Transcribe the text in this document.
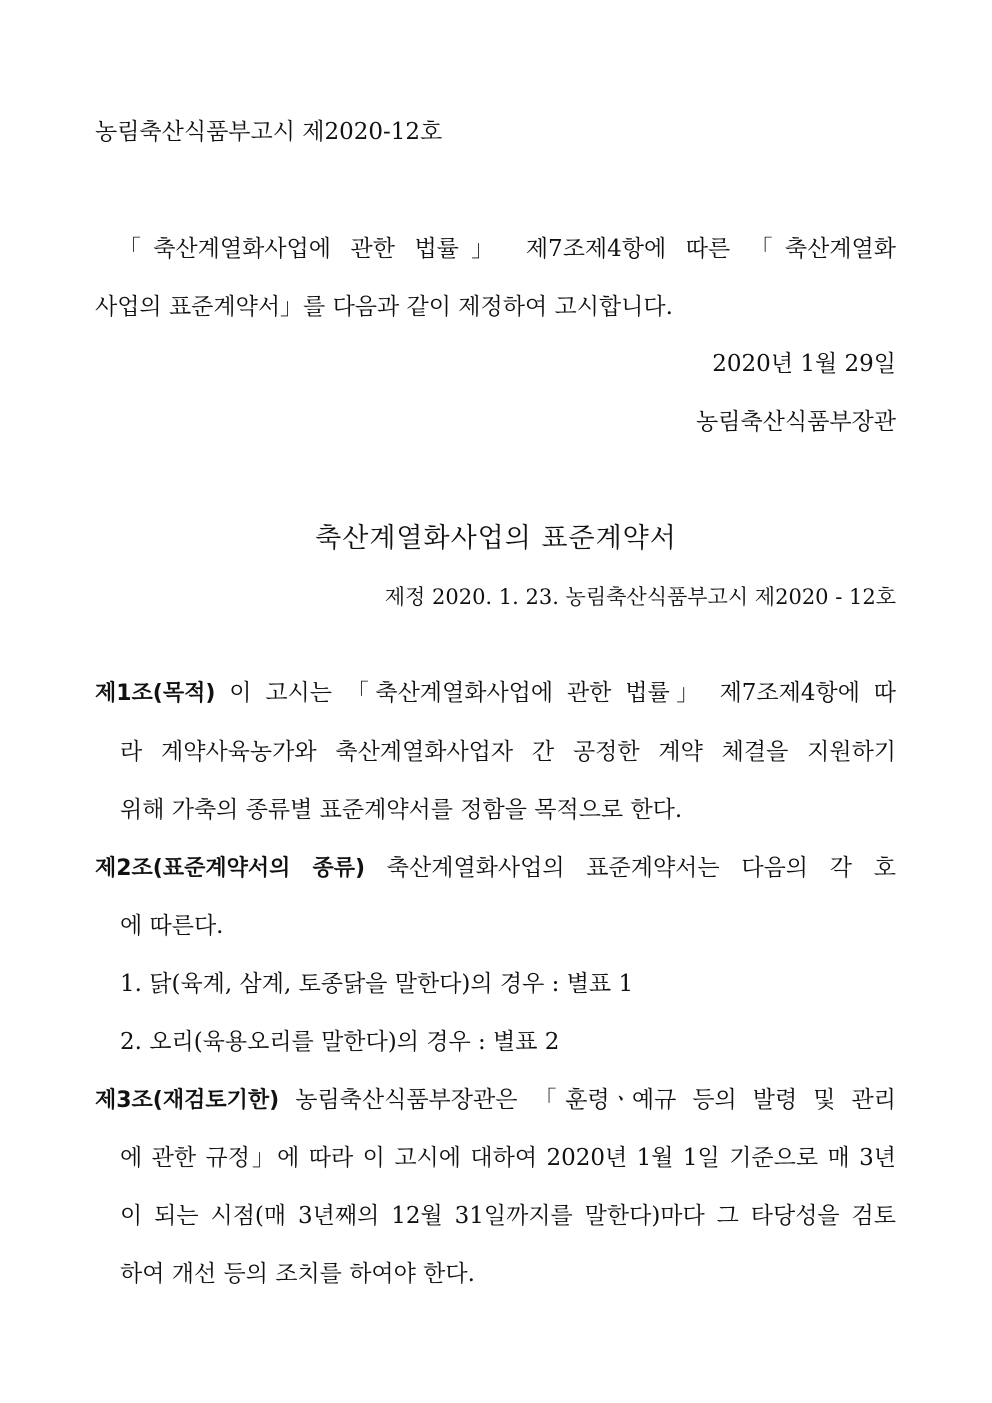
농림축산식품부고시 제2020-12호
「축산계열화사업에 관한 법률」 제7조제4항에 따른 「축산계열화
사업의 표준계약서」를 다음과 같이 제정하여 고시합니다.
2020년 1월 29일
농림축산식품부장관
축산계열화사업의 표준계약서
제정 2020. 1. 23. 농림축산식품부고시 제2020 - 12호
제1조(목적) 이 고시는 「축산계열화사업에 관한 법률」 제7조제4항에 따
라 계약사육농가와 축산계열화사업자 간 공정한 계약 체결을 지원하기
위해 가축의 종류별 표준계약서를 정함을 목적으로 한다.
제2조(표준계약서의 종류) 축산계열화사업의 표준계약서는 다음의 각 호
에 따른다.
1. 닭(육계, 삼계, 토종닭을 말한다)의 경우 : 별표 1
2. 오리(육용오리를 말한다)의 경우 : 별표 2
제3조(재검토기한) 농림축산식품부장관은 「훈령ㆍ예규 등의 발령 및 관리
에 관한 규정」에 따라 이 고시에 대하여 2020년 1월 1일 기준으로 매 3년
이 되는 시점(매 3년째의 12월 31일까지를 말한다)마다 그 타당성을 검토
하여 개선 등의 조치를 하여야 한다.
